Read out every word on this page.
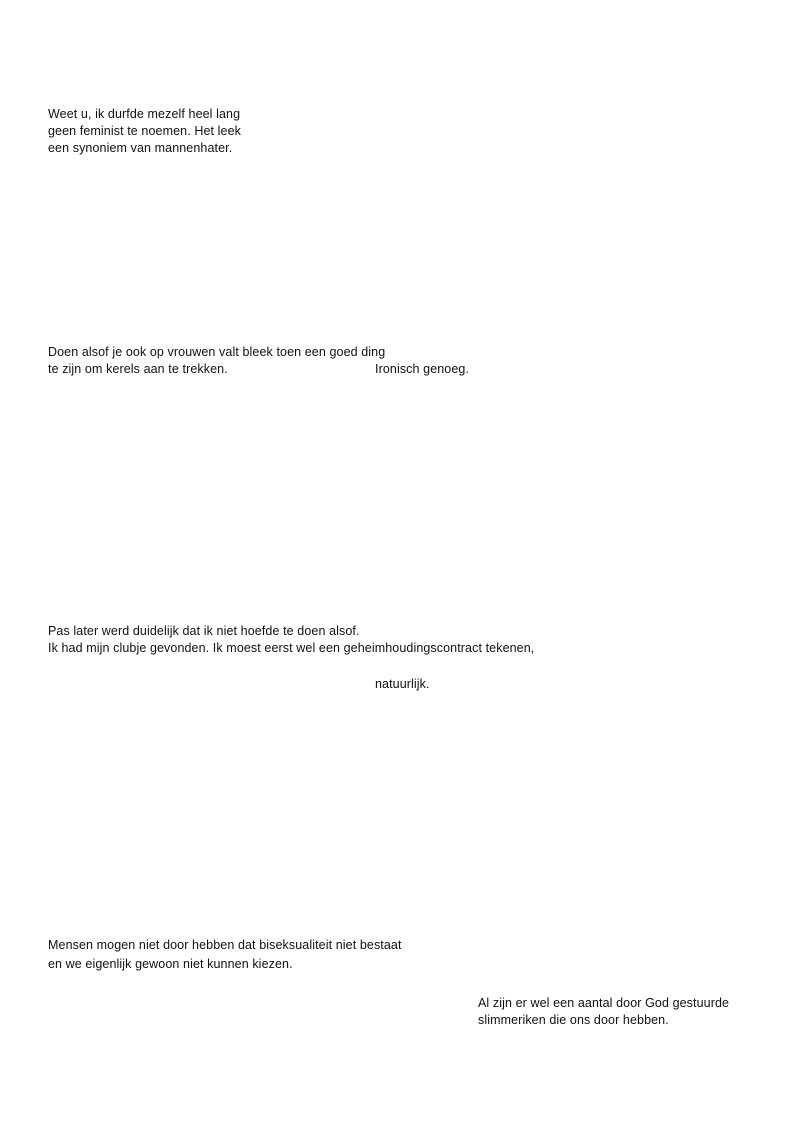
Weet u, ik durfde mezelf heel lang
geen feminist te noemen. Het leek
een synoniem van mannenhater.
Doen alsof je ook op vrouwen valt bleek toen een goed ding
te zijn om kerels aan te trekken.	Ironisch genoeg.
Pas later werd duidelijk dat ik niet hoefde te doen alsof.
Ik had mijn clubje gevonden. Ik moest eerst wel een geheimhoudingscontract tekenen,
natuurlijk.
Mensen mogen niet door hebben dat biseksualiteit niet bestaat
en we eigenlijk gewoon niet kunnen kiezen.
Al zijn er wel een aantal door God gestuurde
slimmeriken die ons door hebben.
